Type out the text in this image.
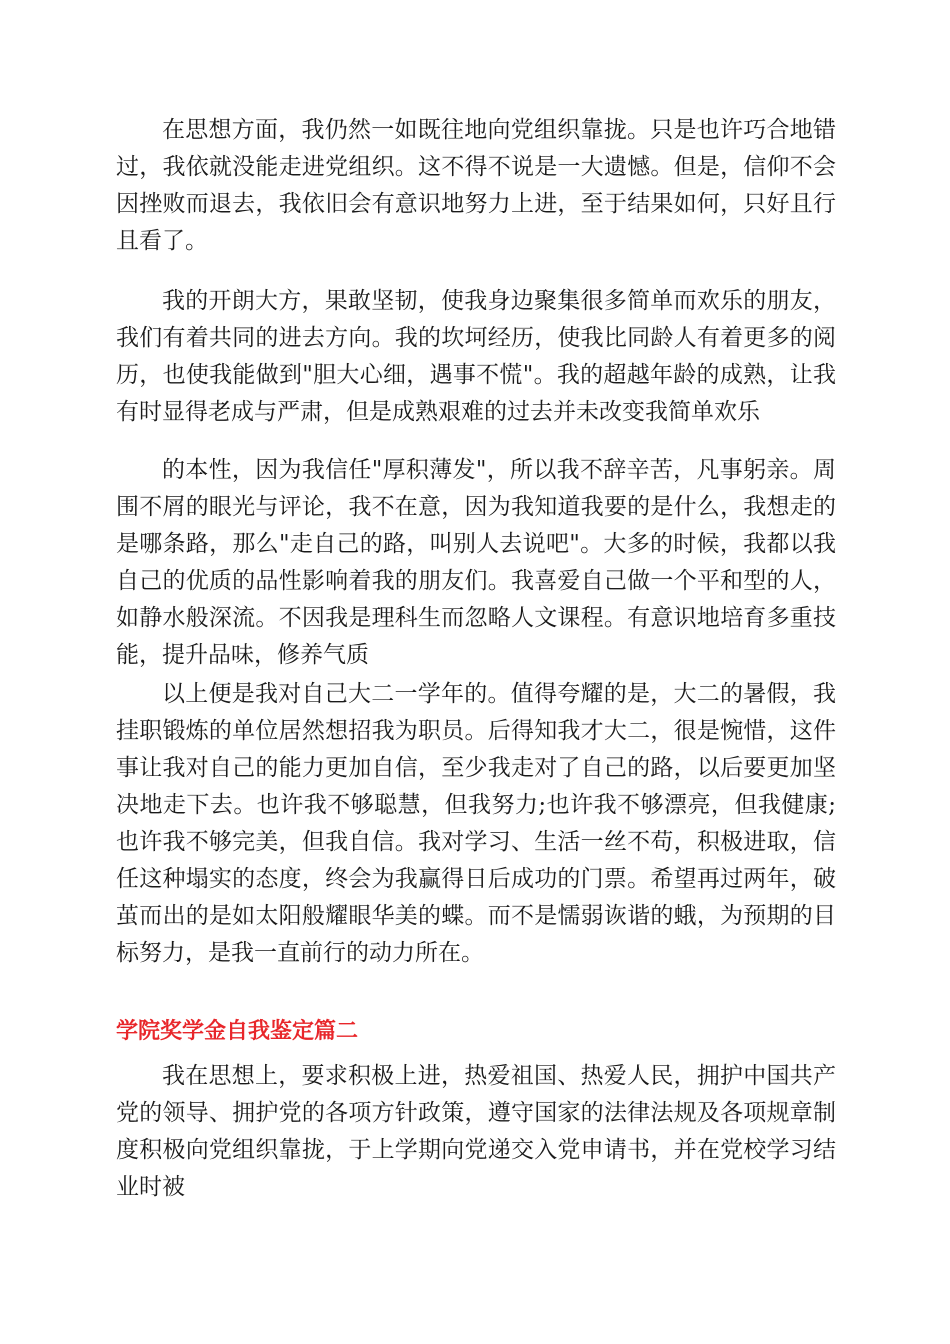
在思想方面，我仍然一如既往地向党组织靠拢。只是也许巧合地错过，我依就没能走进党组织。这不得不说是一大遗憾。但是，信仰不会因挫败而退去，我依旧会有意识地努力上进，至于结果如何，只好且行且看了。

我的开朗大方，果敢坚韧，使我身边聚集很多简单而欢乐的朋友，我们有着共同的进去方向。我的坎坷经历，使我比同龄人有着更多的阅历，也使我能做到"胆大心细，遇事不慌"。我的超越年龄的成熟，让我有时显得老成与严肃，但是成熟艰难的过去并未改变我简单欢乐

的本性，因为我信任"厚积薄发"，所以我不辞辛苦，凡事躬亲。周围不屑的眼光与评论，我不在意，因为我知道我要的是什么，我想走的是哪条路，那么"走自己的路，叫别人去说吧"。大多的时候，我都以我自己的优质的品性影响着我的朋友们。我喜爱自己做一个平和型的人，如静水般深流。不因我是理科生而忽略人文课程。有意识地培育多重技能，提升品味，修养气质

以上便是我对自己大二一学年的。值得夸耀的是，大二的暑假，我挂职锻炼的单位居然想招我为职员。后得知我才大二，很是惋惜，这件事让我对自己的能力更加自信，至少我走对了自己的路，以后要更加坚决地走下去。也许我不够聪慧，但我努力;也许我不够漂亮，但我健康;也许我不够完美，但我自信。我对学习、生活一丝不苟，积极进取，信任这种塌实的态度，终会为我赢得日后成功的门票。希望再过两年，破茧而出的是如太阳般耀眼华美的蝶。而不是懦弱诙谐的蛾，为预期的目标努力，是我一直前行的动力所在。

学院奖学金自我鉴定篇二

我在思想上，要求积极上进，热爱祖国、热爱人民，拥护中国共产党的领导、拥护党的各项方针政策，遵守国家的法律法规及各项规章制度积极向党组织靠拢，于上学期向党递交入党申请书，并在党校学习结业时被
